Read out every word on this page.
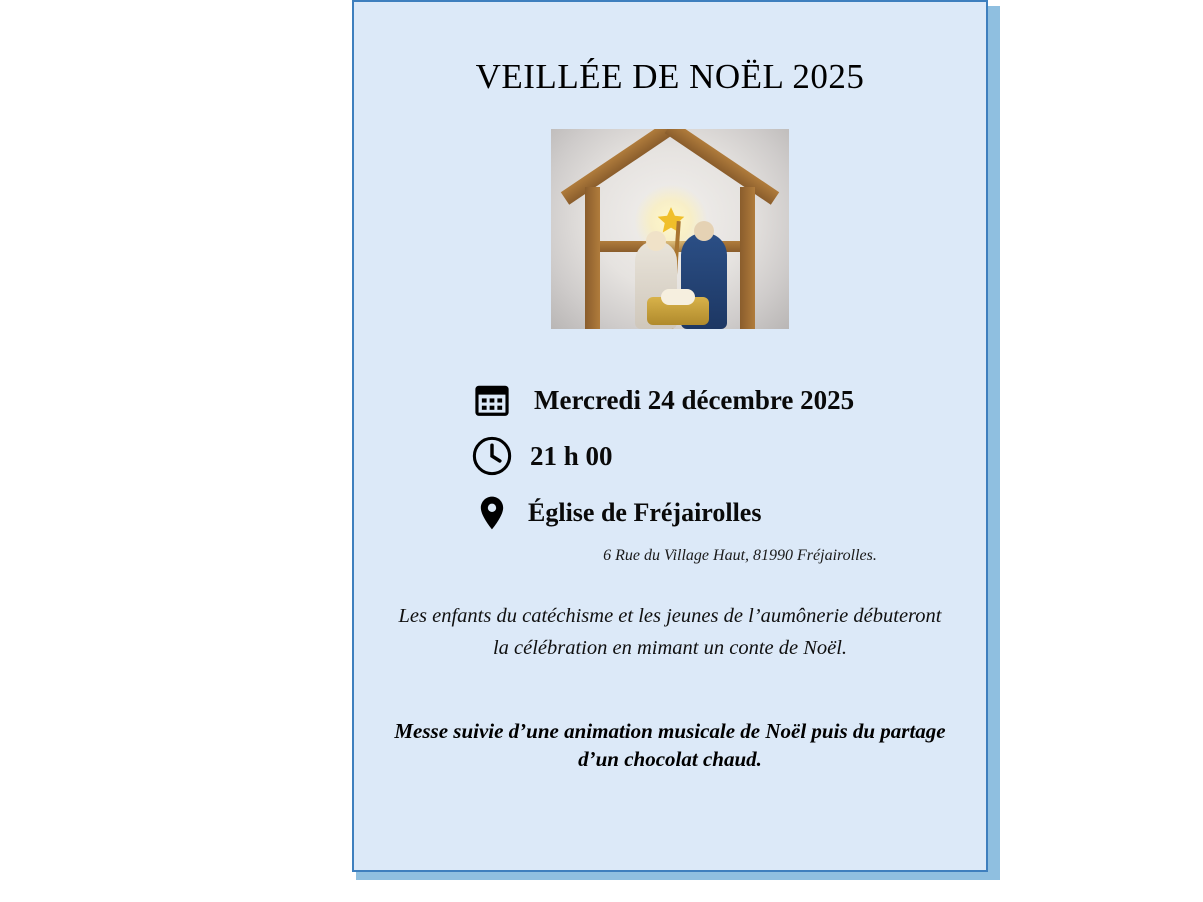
VEILLÉE DE NOËL 2025
Mercredi 24 décembre 2025
21 h 00
Église de Fréjairolles
6 Rue du Village Haut, 81990 Fréjairolles.

Les enfants du catéchisme et les jeunes de l’aumônerie débuteront la célébration en mimant un conte de Noël.

Messe suivie d’une animation musicale de Noël puis du partage d’un chocolat chaud.
